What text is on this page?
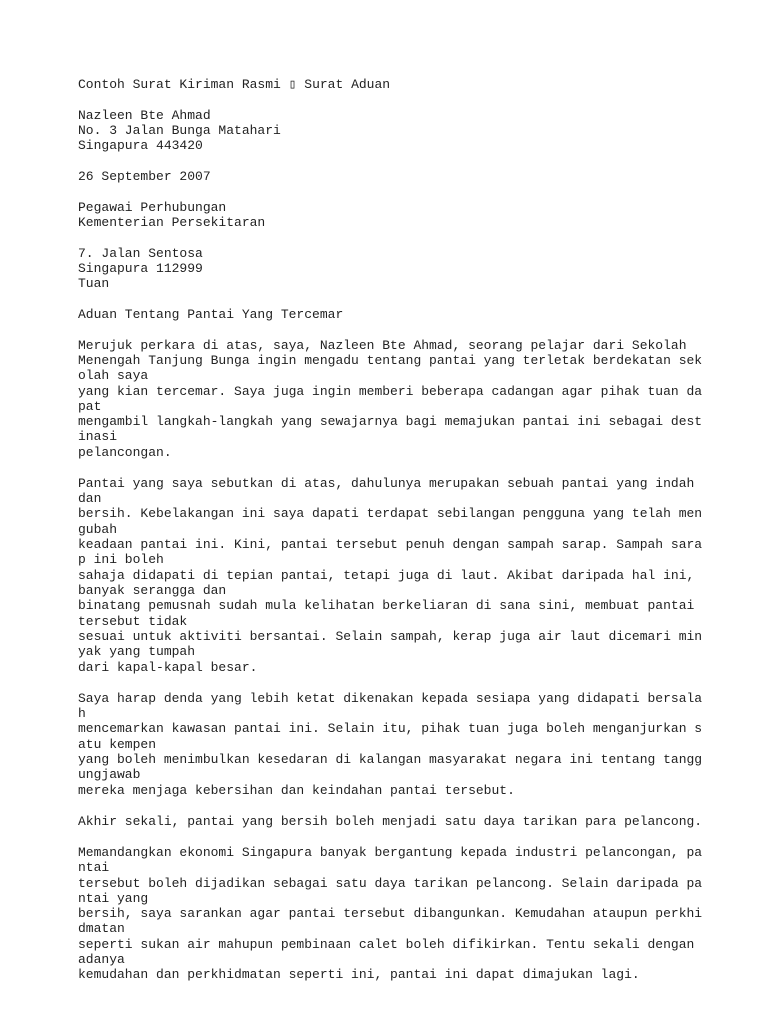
Contoh Surat Kiriman Rasmi ▯ Surat Aduan
Nazleen Bte Ahmad
No. 3 Jalan Bunga Matahari
Singapura 443420
26 September 2007
Pegawai Perhubungan
Kementerian Persekitaran
7. Jalan Sentosa
Singapura 112999
Tuan
Aduan Tentang Pantai Yang Tercemar
Merujuk perkara di atas, saya, Nazleen Bte Ahmad, seorang pelajar dari Sekolah
Menengah Tanjung Bunga ingin mengadu tentang pantai yang terletak berdekatan sek
olah saya
yang kian tercemar. Saya juga ingin memberi beberapa cadangan agar pihak tuan da
pat
mengambil langkah-langkah yang sewajarnya bagi memajukan pantai ini sebagai dest
inasi
pelancongan.
Pantai yang saya sebutkan di atas, dahulunya merupakan sebuah pantai yang indah
dan
bersih. Kebelakangan ini saya dapati terdapat sebilangan pengguna yang telah men
gubah
keadaan pantai ini. Kini, pantai tersebut penuh dengan sampah sarap. Sampah sara
p ini boleh
sahaja didapati di tepian pantai, tetapi juga di laut. Akibat daripada hal ini,
banyak serangga dan
binatang pemusnah sudah mula kelihatan berkeliaran di sana sini, membuat pantai
tersebut tidak
sesuai untuk aktiviti bersantai. Selain sampah, kerap juga air laut dicemari min
yak yang tumpah
dari kapal-kapal besar.
Saya harap denda yang lebih ketat dikenakan kepada sesiapa yang didapati bersala
h
mencemarkan kawasan pantai ini. Selain itu, pihak tuan juga boleh menganjurkan s
atu kempen
yang boleh menimbulkan kesedaran di kalangan masyarakat negara ini tentang tangg
ungjawab
mereka menjaga kebersihan dan keindahan pantai tersebut.
Akhir sekali, pantai yang bersih boleh menjadi satu daya tarikan para pelancong.
Memandangkan ekonomi Singapura banyak bergantung kepada industri pelancongan, pa
ntai
tersebut boleh dijadikan sebagai satu daya tarikan pelancong. Selain daripada pa
ntai yang
bersih, saya sarankan agar pantai tersebut dibangunkan. Kemudahan ataupun perkhi
dmatan
seperti sukan air mahupun pembinaan calet boleh difikirkan. Tentu sekali dengan
adanya
kemudahan dan perkhidmatan seperti ini, pantai ini dapat dimajukan lagi.
